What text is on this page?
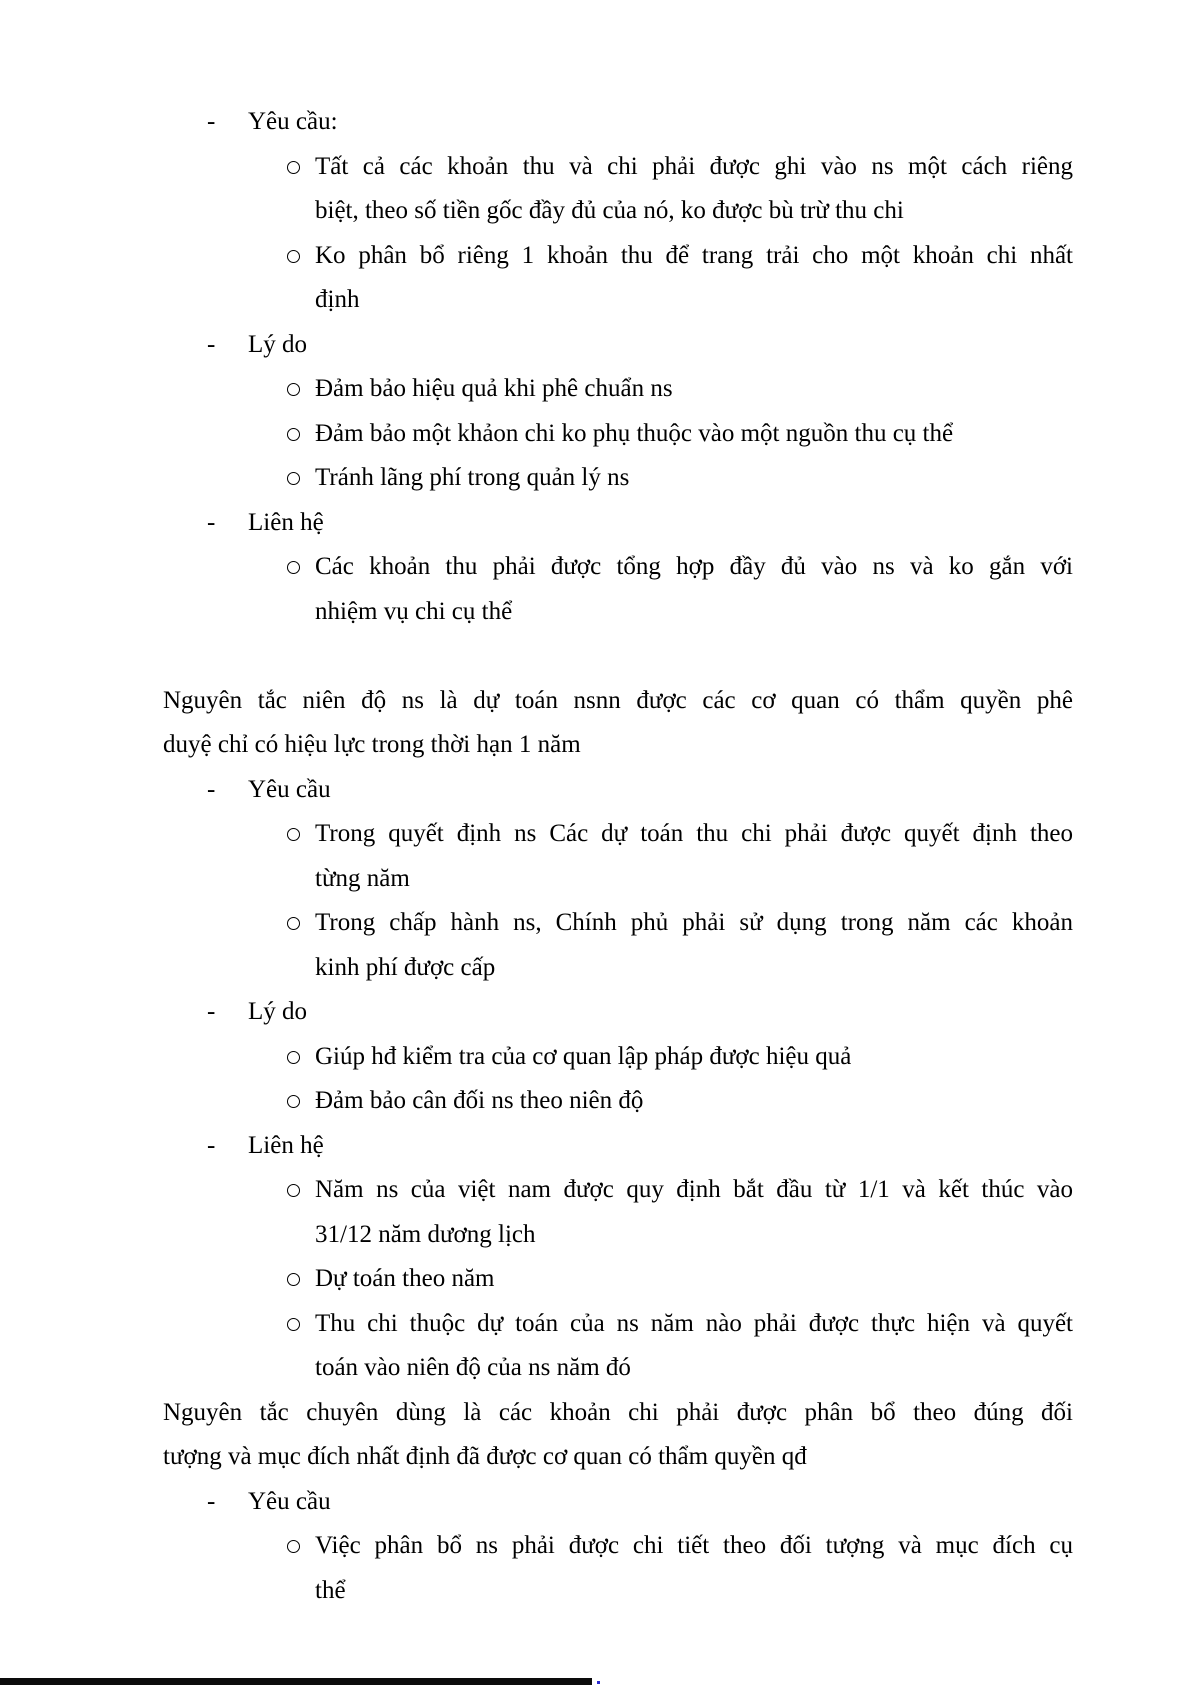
- Yêu cầu:
Tất cả các khoản thu và chi phải được ghi vào ns một cách riêng
biệt, theo số tiền gốc đầy đủ của nó, ko được bù trừ thu chi
Ko phân bổ riêng 1 khoản thu để trang trải cho một khoản chi nhất
định
- Lý do
Đảm bảo hiệu quả khi phê chuẩn ns
Đảm bảo một khảon chi ko phụ thuộc vào một nguồn thu cụ thể
Tránh lãng phí trong quản lý ns
- Liên hệ
Các khoản thu phải được tổng hợp đầy đủ vào ns và ko gắn với
nhiệm vụ chi cụ thể
Nguyên tắc niên độ ns là dự toán nsnn được các cơ quan có thẩm quyền phê
duyệ chỉ có hiệu lực trong thời hạn 1 năm
- Yêu cầu
Trong quyết định ns Các dự toán thu chi phải được quyết định theo
từng năm
Trong chấp hành ns, Chính phủ phải sử dụng trong năm các khoản
kinh phí được cấp
- Lý do
Giúp hđ kiểm tra của cơ quan lập pháp được hiệu quả
Đảm bảo cân đối ns theo niên độ
- Liên hệ
Năm ns của việt nam được quy định bắt đầu từ 1/1 và kết thúc vào
31/12 năm dương lịch
Dự toán theo năm
Thu chi thuộc dự toán của ns năm nào phải được thực hiện và quyết
toán vào niên độ của ns năm đó
Nguyên tắc chuyên dùng là các khoản chi phải được phân bổ theo đúng đối
tượng và mục đích nhất định đã được cơ quan có thẩm quyền qđ
- Yêu cầu
Việc phân bổ ns phải được chi tiết theo đối tượng và mục đích cụ
thể
